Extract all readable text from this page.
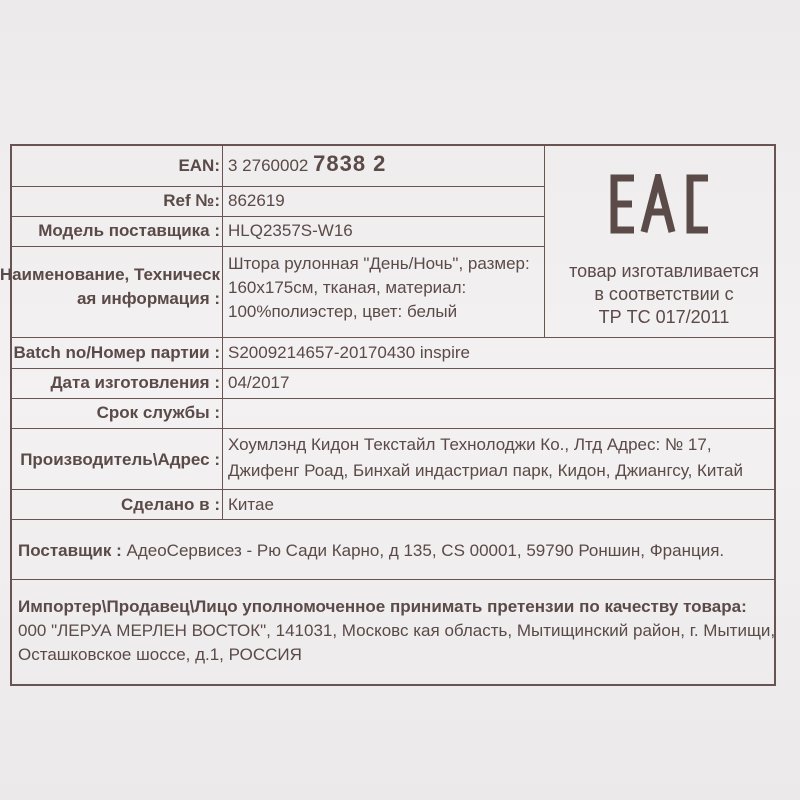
EAN: 3 2760002 7838 2
Ref №: 862619
Модель поставщика : HLQ2357S-W16
Наименование, Техническ
ая информация :
Штора рулонная "День/Ночь", размер:
160х175см, тканая, материал:
100%полиэстер, цвет: белый
товар изготавливается
в соответствии с
ТР ТС 017/2011
Batch no/Номер партии : S2009214657-20170430 inspire
Дата изготовления : 04/2017
Срок службы :
Производитель\Адрес :
Хоумлэнд Кидон Текстайл Технолоджи Ко., Лтд Адрес: № 17,
Джифенг Роад, Бинхай индастриал парк, Кидон, Джиангсу, Китай
Сделано в : Китае
Поставщик : АдеоСервисез - Рю Сади Карно, д 135, CS 00001, 59790 Роншин, Франция.
Импортер\Продавец\Лицо уполномоченное принимать претензии по качеству товара:
000 "ЛЕРУА МЕРЛЕН ВОСТОК", 141031, Московс кая область, Мытищинский район, г. Мытищи,
Осташковское шоссе, д.1, РОССИЯ
